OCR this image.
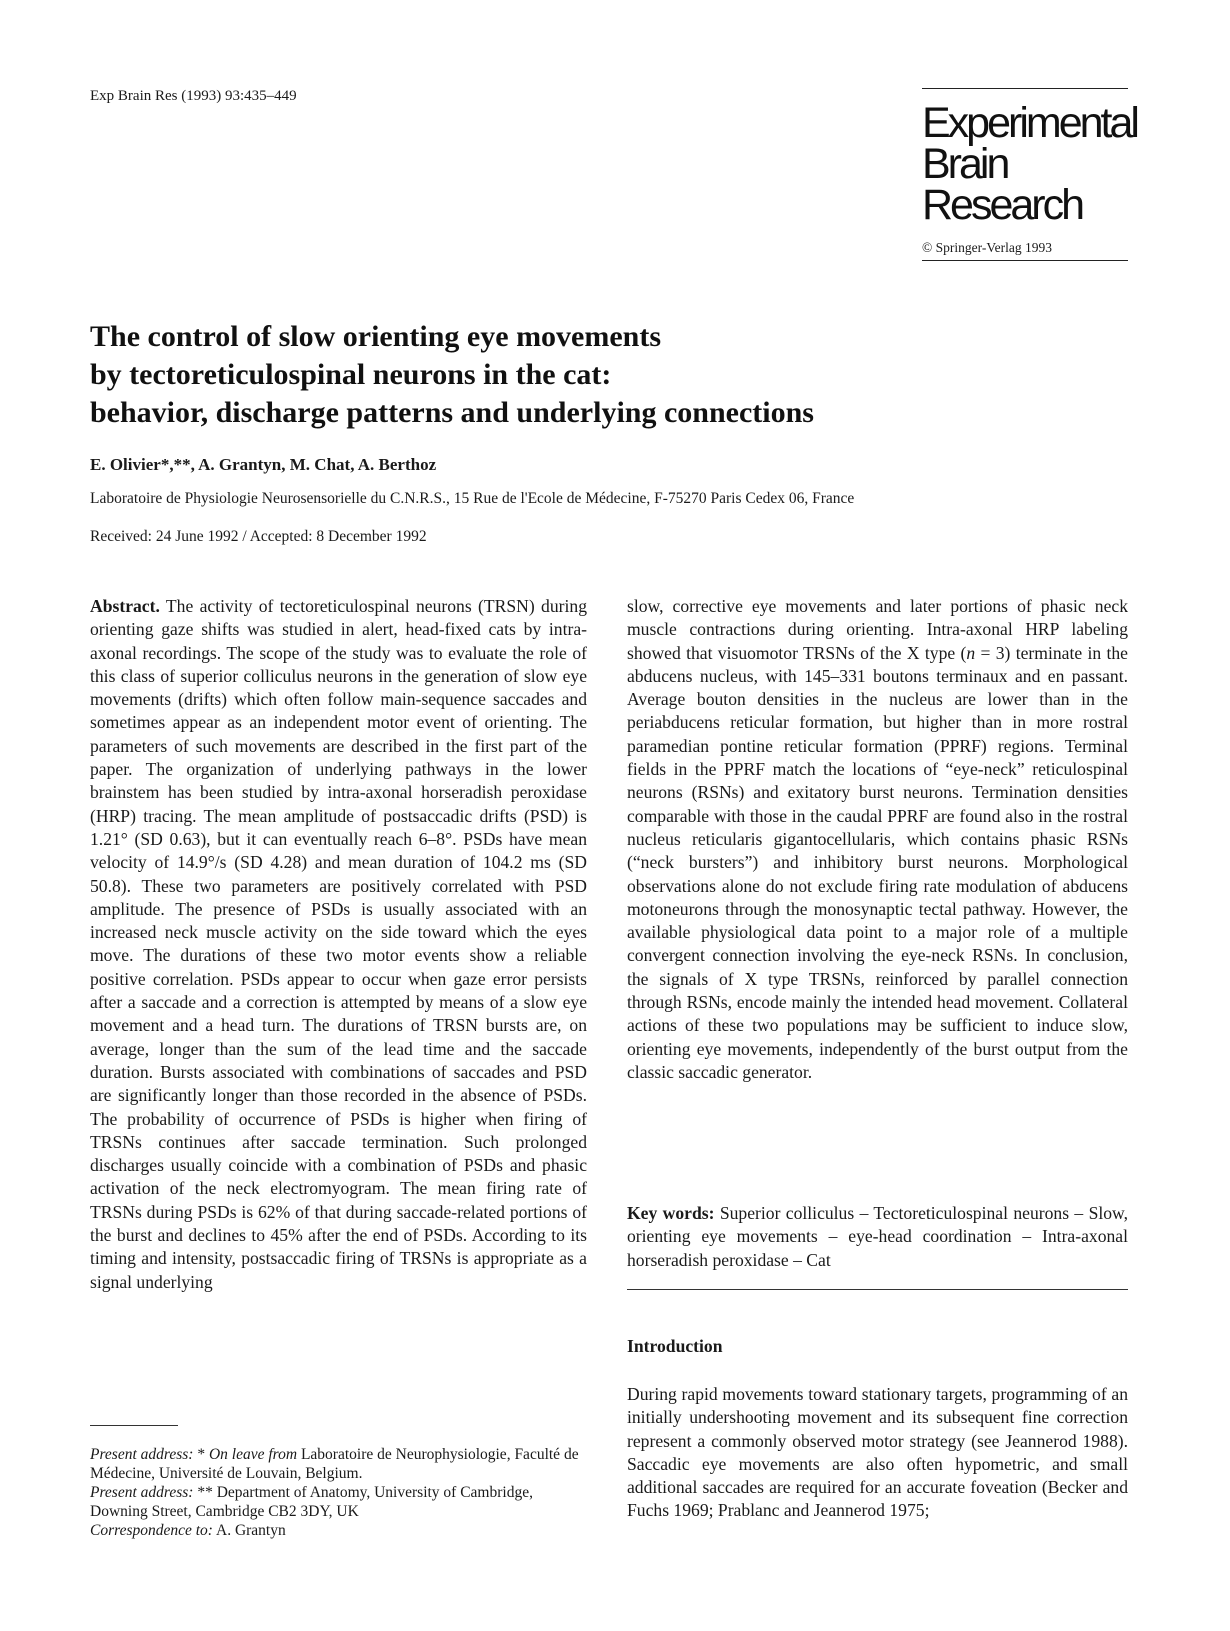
Exp Brain Res (1993) 93:435–449
Experimental
Brain Research
© Springer-Verlag 1993
The control of slow orienting eye movements
by tectoreticulospinal neurons in the cat:
behavior, discharge patterns and underlying connections
E. Olivier*,**, A. Grantyn, M. Chat, A. Berthoz
Laboratoire de Physiologie Neurosensorielle du C.N.R.S., 15 Rue de l'Ecole de Médecine, F-75270 Paris Cedex 06, France
Received: 24 June 1992 / Accepted: 8 December 1992
Abstract. The activity of tectoreticulospinal neurons (TRSN) during orienting gaze shifts was studied in alert, head-fixed cats by intra-axonal recordings. The scope of the study was to evaluate the role of this class of superior colliculus neurons in the generation of slow eye movements (drifts) which often follow main-sequence saccades and sometimes appear as an independent motor event of orienting. The parameters of such movements are described in the first part of the paper. The organization of underlying pathways in the lower brainstem has been studied by intra-axonal horseradish peroxidase (HRP) tracing. The mean amplitude of postsaccadic drifts (PSD) is 1.21° (SD 0.63), but it can eventually reach 6–8°. PSDs have mean velocity of 14.9°/s (SD 4.28) and mean duration of 104.2 ms (SD 50.8). These two parameters are positively correlated with PSD amplitude. The presence of PSDs is usually associated with an increased neck muscle activity on the side toward which the eyes move. The durations of these two motor events show a reliable positive correlation. PSDs appear to occur when gaze error persists after a saccade and a correction is attempted by means of a slow eye movement and a head turn. The durations of TRSN bursts are, on average, longer than the sum of the lead time and the saccade duration. Bursts associated with combinations of saccades and PSD are significantly longer than those recorded in the absence of PSDs. The probability of occurrence of PSDs is higher when firing of TRSNs continues after saccade termination. Such prolonged discharges usually coincide with a combination of PSDs and phasic activation of the neck electromyogram. The mean firing rate of TRSNs during PSDs is 62% of that during saccade-related portions of the burst and declines to 45% after the end of PSDs. According to its timing and intensity, postsaccadic firing of TRSNs is appropriate as a signal underlying
slow, corrective eye movements and later portions of phasic neck muscle contractions during orienting. Intra-axonal HRP labeling showed that visuomotor TRSNs of the X type (n = 3) terminate in the abducens nucleus, with 145–331 boutons terminaux and en passant. Average bouton densities in the nucleus are lower than in the periabducens reticular formation, but higher than in more rostral paramedian pontine reticular formation (PPRF) regions. Terminal fields in the PPRF match the locations of “eye-neck” reticulospinal neurons (RSNs) and exitatory burst neurons. Termination densities comparable with those in the caudal PPRF are found also in the rostral nucleus reticularis gigantocellularis, which contains phasic RSNs (“neck bursters”) and inhibitory burst neurons. Morphological observations alone do not exclude firing rate modulation of abducens motoneurons through the monosynaptic tectal pathway. However, the available physiological data point to a major role of a multiple convergent connection involving the eye-neck RSNs. In conclusion, the signals of X type TRSNs, reinforced by parallel connection through RSNs, encode mainly the intended head movement. Collateral actions of these two populations may be sufficient to induce slow, orienting eye movements, independently of the burst output from the classic saccadic generator.
Key words: Superior colliculus – Tectoreticulospinal neurons – Slow, orienting eye movements – eye-head coordination – Intra-axonal horseradish peroxidase – Cat
Introduction
During rapid movements toward stationary targets, programming of an initially undershooting movement and its subsequent fine correction represent a commonly observed motor strategy (see Jeannerod 1988). Saccadic eye movements are also often hypometric, and small additional saccades are required for an accurate foveation (Becker and Fuchs 1969; Prablanc and Jeannerod 1975;
Present address: * On leave from Laboratoire de Neurophysiologie, Faculté de Médecine, Université de Louvain, Belgium.
Present address: ** Department of Anatomy, University of Cambridge, Downing Street, Cambridge CB2 3DY, UK
Correspondence to: A. Grantyn
